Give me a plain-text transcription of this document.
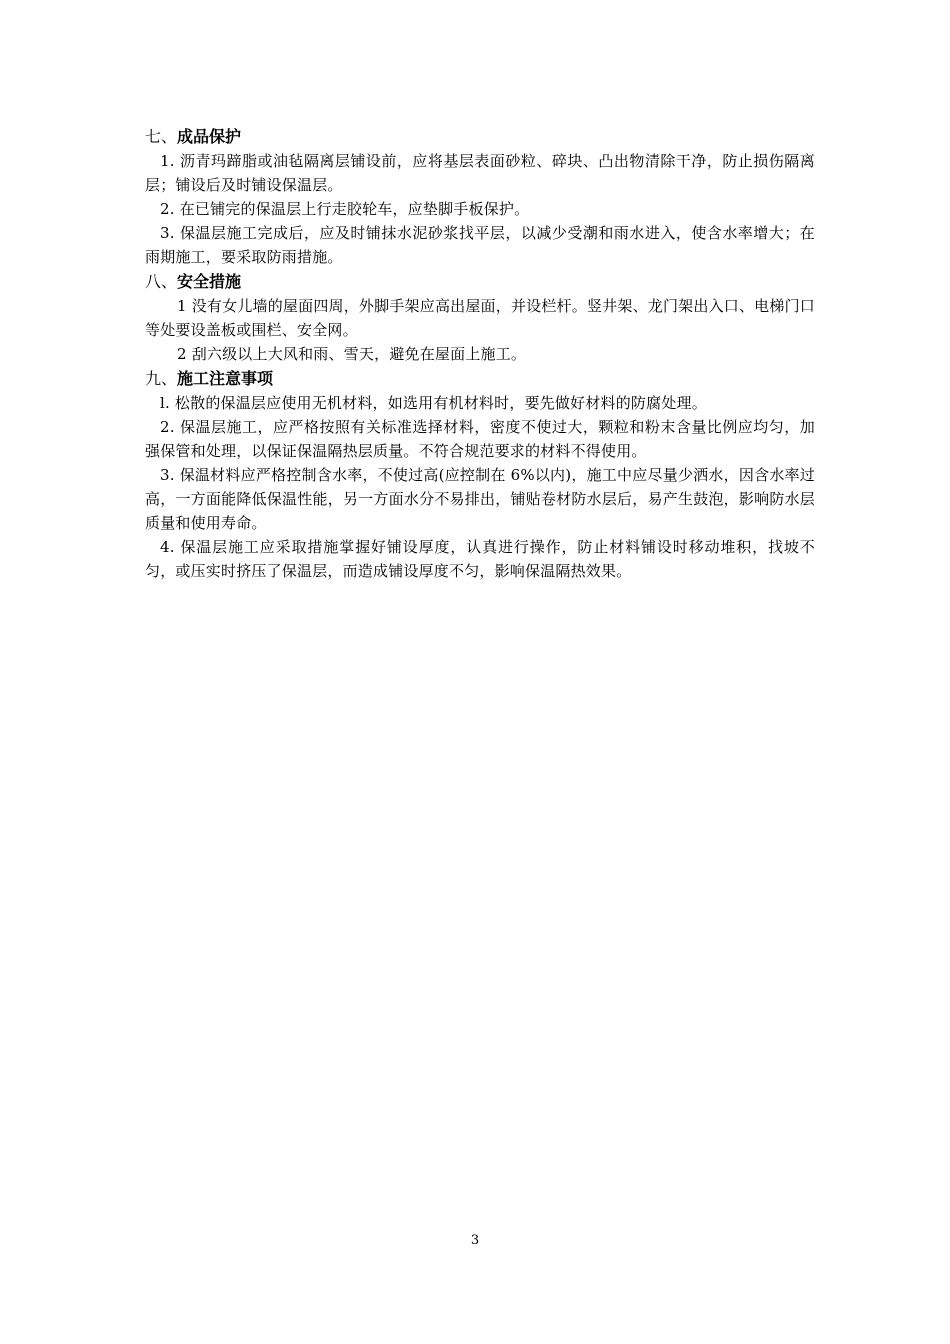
七、成品保护

1. 沥青玛蹄脂或油毡隔离层铺设前，应将基层表面砂粒、碎块、凸出物清除干净，防止损伤隔离层；铺设后及时铺设保温层。

2. 在已铺完的保温层上行走胶轮车，应垫脚手板保护。

3. 保温层施工完成后，应及时铺抹水泥砂浆找平层，以减少受潮和雨水进入，使含水率增大；在雨期施工，要采取防雨措施。

八、安全措施

1 没有女儿墙的屋面四周，外脚手架应高出屋面，并设栏杆。竖井架、龙门架出入口、电梯门口等处要设盖板或围栏、安全网。

2 刮六级以上大风和雨、雪天，避免在屋面上施工。

九、施工注意事项

l. 松散的保温层应使用无机材料，如选用有机材料时，要先做好材料的防腐处理。

2. 保温层施工，应严格按照有关标准选择材料，密度不使过大，颗粒和粉末含量比例应均匀，加强保管和处理，以保证保温隔热层质量。不符合规范要求的材料不得使用。

3. 保温材料应严格控制含水率，不使过高(应控制在 6%以内)，施工中应尽量少洒水，因含水率过高，一方面能降低保温性能，另一方面水分不易排出，铺贴卷材防水层后，易产生鼓泡，影响防水层质量和使用寿命。

4. 保温层施工应采取措施掌握好铺设厚度，认真进行操作，防止材料铺设时移动堆积，找坡不匀，或压实时挤压了保温层，而造成铺设厚度不匀，影响保温隔热效果。

3
